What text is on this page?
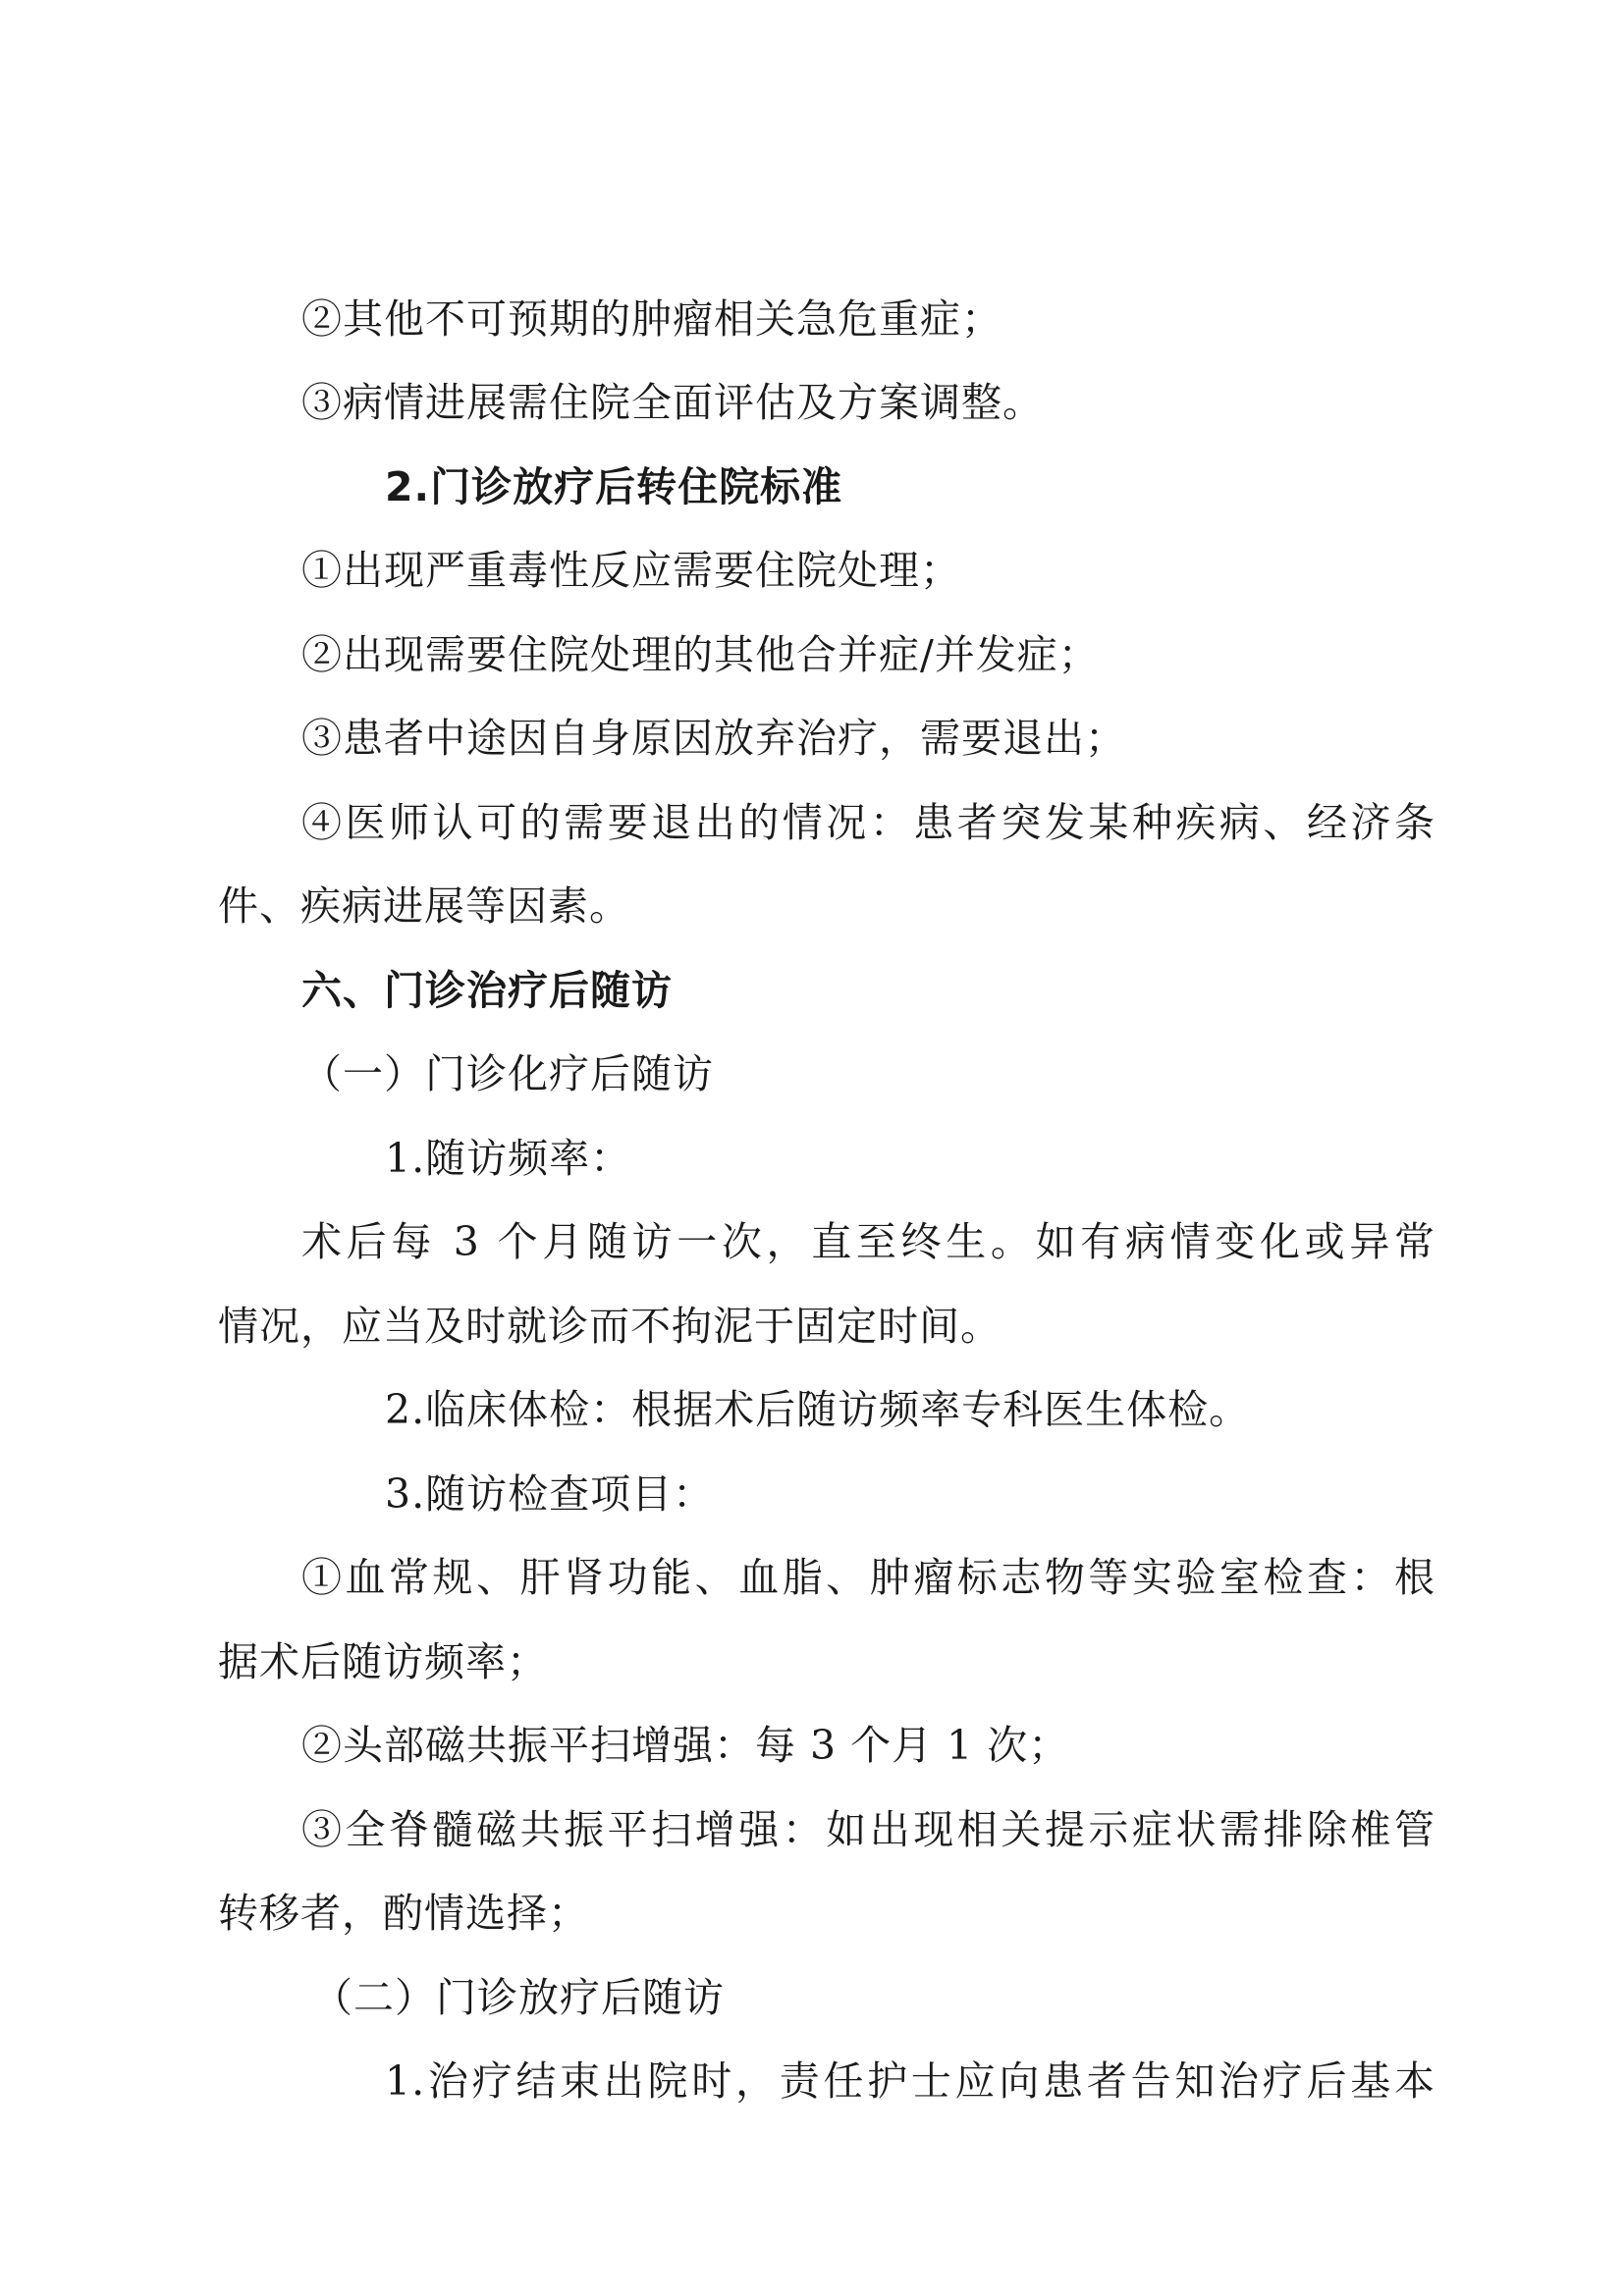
②其他不可预期的肿瘤相关急危重症；
③病情进展需住院全面评估及方案调整。
2.门诊放疗后转住院标准
①出现严重毒性反应需要住院处理；
②出现需要住院处理的其他合并症/并发症；
③患者中途因自身原因放弃治疗，需要退出；
④医师认可的需要退出的情况：患者突发某种疾病、经济条
件、疾病进展等因素。
六、门诊治疗后随访
（一）门诊化疗后随访
1.随访频率：
术后每 3 个月随访一次，直至终生。如有病情变化或异常
情况，应当及时就诊而不拘泥于固定时间。
2.临床体检：根据术后随访频率专科医生体检。
3.随访检查项目：
①血常规、肝肾功能、血脂、肿瘤标志物等实验室检查：根
据术后随访频率；
②头部磁共振平扫增强：每 3 个月 1 次；
③全脊髓磁共振平扫增强：如出现相关提示症状需排除椎管
转移者，酌情选择；
（二）门诊放疗后随访
1.治疗结束出院时，责任护士应向患者告知治疗后基本
